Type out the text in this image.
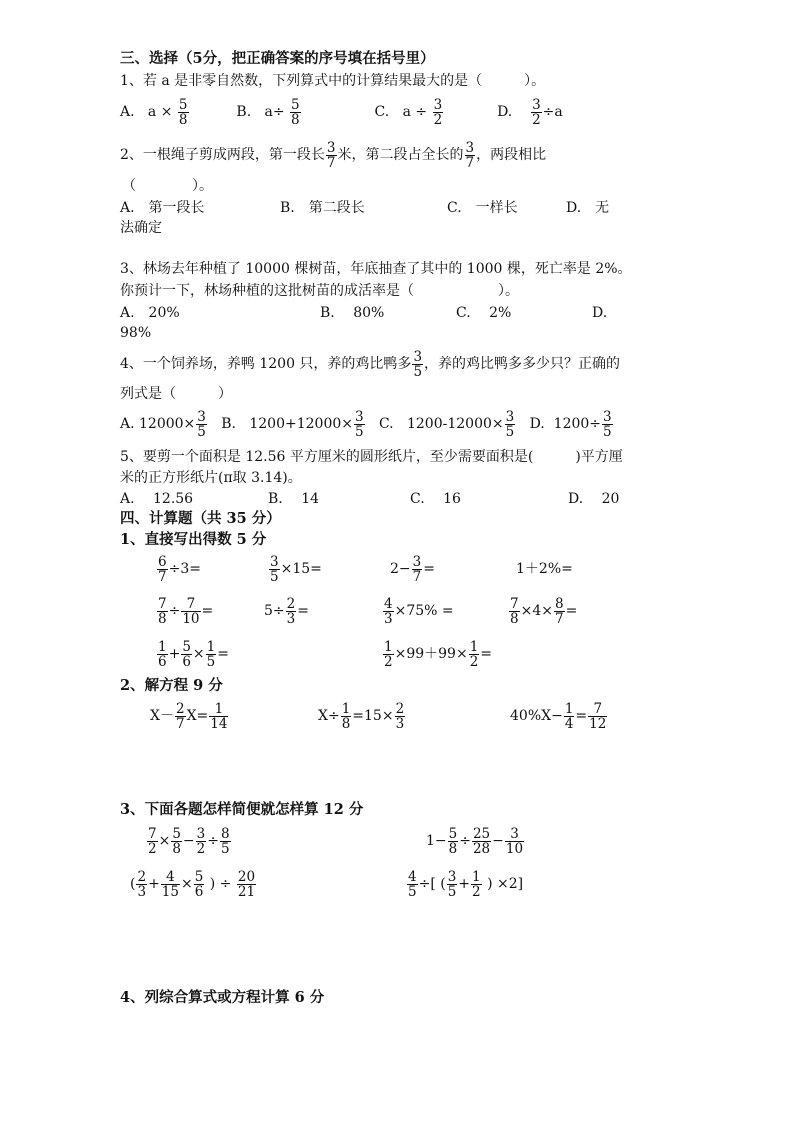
三、选择（5分，把正确答案的序号填在括号里）
1、若 a 是非零自然数，下列算式中的计算结果最大的是（　　　）。
A. $a \times \frac{5}{8}$	B. $a\div \frac{5}{8}$	C. $a \div \frac{3}{2}$	D. $\frac{3}{2} \div a$
2、一根绳子剪成两段，第一段长 $\frac{3}{7}$ 米，第二段占全长的 $\frac{3}{7}$ ，两段相比
（　　　　）。
A.　第一段长	B.　第二段长	C.　一样长	D.　无
法确定
3、林场去年种植了 10000 棵树苗，年底抽查了其中的 1000 棵，死亡率是 2%。
你预计一下，林场种植的这批树苗的成活率是（　　　　　　）。
A.　20%	B.　 80%	C.　 2%	D.
98%
4、一个饲养场，养鸭 1200 只，养的鸡比鸭多 $\frac{3}{5}$ ，养的鸡比鸭多多少只？正确的
列式是（　　　）
A. $12000\times \frac{3}{5} B$. $1200+12000\times \frac{3}{5} C$. $1200-12000\times \frac{3}{5} D$. $1200\div \frac{3}{5}$
5、要剪一个面积是 12.56 平方厘米的圆形纸片，至少需要面积是(　　　)平方厘
米的正方形纸片(π取 3.14)。
A.　 12.56	B.　 14	C.　 16	D.　 20
四、计算题（共 35 分）
1、直接写出得数 5 分
$\frac{6}{7} \div 3=$	$\frac{3}{5} \times 15=$	$2- \frac{3}{7}$ =	1＋2%=
$\frac{7}{8} \div \frac{7}{10}$ =	$5\div \frac{2}{3}$ =	$\frac{4}{3} \times 75\%$ =	$\frac{7}{8} \times 4\times \frac{8}{7}$ =
$\frac{1}{6} + \frac{5}{6} \times \frac{1}{5}$ =	$\frac{1}{2} \times 99+99\times \frac{1}{2}$ =
2、解方程 9 分
$X- \frac{2}{7} X= \frac{1}{14}$	$X\div \frac{1}{8} =15\times \frac{2}{3}$	$40\%X- \frac{1}{4} = \frac{7}{12}$
3、下面各题怎样简便就怎样算 12 分
$\frac{7}{2} \times \frac{5}{8} - \frac{3}{2} \div \frac{8}{5}$	$1- \frac{5}{8} \div \frac{25}{28} - \frac{3}{10}$
( $\frac{2}{3} + \frac{4}{15} \times \frac{5}{6}$ ) ÷ $\frac{20}{21}$	$\frac{4}{5}$ ÷[ ( $\frac{3}{5} + \frac{1}{2}$ ) ×2]
4、列综合算式或方程计算 6 分
